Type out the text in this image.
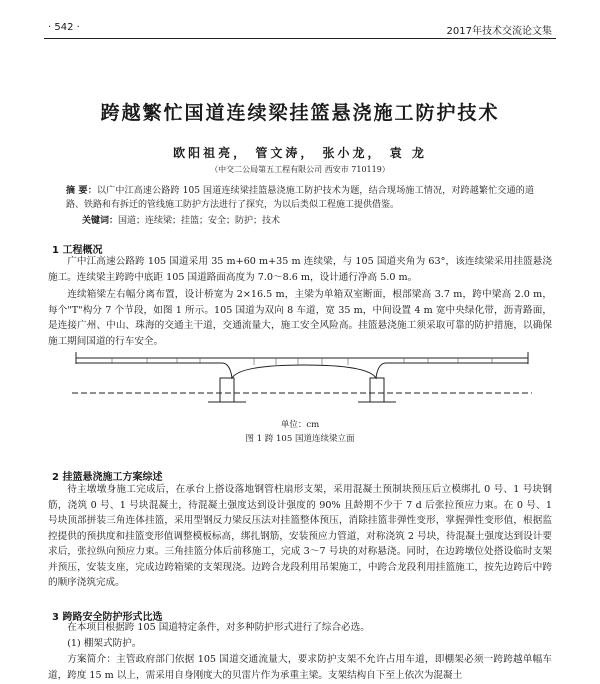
· 542 ·	2017年技术交流论文集
跨越繁忙国道连续梁挂篮悬浇施工防护技术
欧阳祖亮， 管文涛， 张小龙， 袁 龙
（中交二公局第五工程有限公司 西安市 710119）
摘 要：以广中江高速公路跨 105 国道连续梁挂篮悬浇施工防护技术为题，结合现场施工情况，对跨越繁忙交通的道路、铁路和有拆迁的管线施工防护方法进行了探究，为以后类似工程施工提供借鉴。
关键词：国道；连续梁；挂篮；安全；防护；技术
1 工程概况
广中江高速公路跨 105 国道采用 35 m+60 m+35 m 连续梁，与 105 国道夹角为 63°，该连续梁采用挂篮悬浇施工。连续梁主跨跨中底距 105 国道路面高度为 7.0～8.6 m，设计通行净高 5.0 m。
连续箱梁左右幅分离布置，设计桥宽为 2×16.5 m，主梁为单箱双室断面，根部梁高 3.7 m，跨中梁高 2.0 m，每个"T"构分 7 个节段，如图 1 所示。105 国道为双向 8 车道，宽 35 m，中间设置 4 m 宽中央绿化带，沥青路面，是连接广州、中山、珠海的交通主干道，交通流量大，施工安全风险高。挂篮悬浇施工须采取可靠的防护措施，以确保施工期间国道的行车安全。
单位：cm
图 1 跨 105 国道连续梁立面
2 挂篮悬浇施工方案综述
待主墩墩身施工完成后，在承台上搭设落地钢管柱扇形支架，采用混凝土预制块预压后立模绑扎 0 号、1 号块钢筋，浇筑 0 号、1 号块混凝土，待混凝土强度达到设计强度的 90% 且龄期不少于 7 d 后张拉预应力束。在 0 号、1 号块顶部拼装三角连体挂篮，采用型钢反力梁反压法对挂篮整体预压，消除挂篮非弹性变形，掌握弹性变形值，根据监控提供的预拱度和挂篮变形值调整模板标高，绑扎钢筋，安装预应力管道，对称浇筑 2 号块，待混凝土强度达到设计要求后，张拉纵向预应力束。三角挂篮分体后前移施工，完成 3～7 号块的对称悬浇。同时，在边跨墩位处搭设临时支架并预压，安装支座，完成边跨箱梁的支架现浇。边跨合龙段利用吊架施工，中跨合龙段利用挂篮施工，按先边跨后中跨的顺序浇筑完成。
3 跨路安全防护形式比选
在本项目根据跨 105 国道特定条件，对多种防护形式进行了综合必选。
(1) 棚架式防护。
方案简介：主管政府部门依据 105 国道交通流量大，要求防护支架不允许占用车道，即棚架必须一跨跨越单幅车道，跨度 15 m 以上，需采用自身刚度大的贝雷片作为承重主梁。支架结构自下至上依次为混凝土
